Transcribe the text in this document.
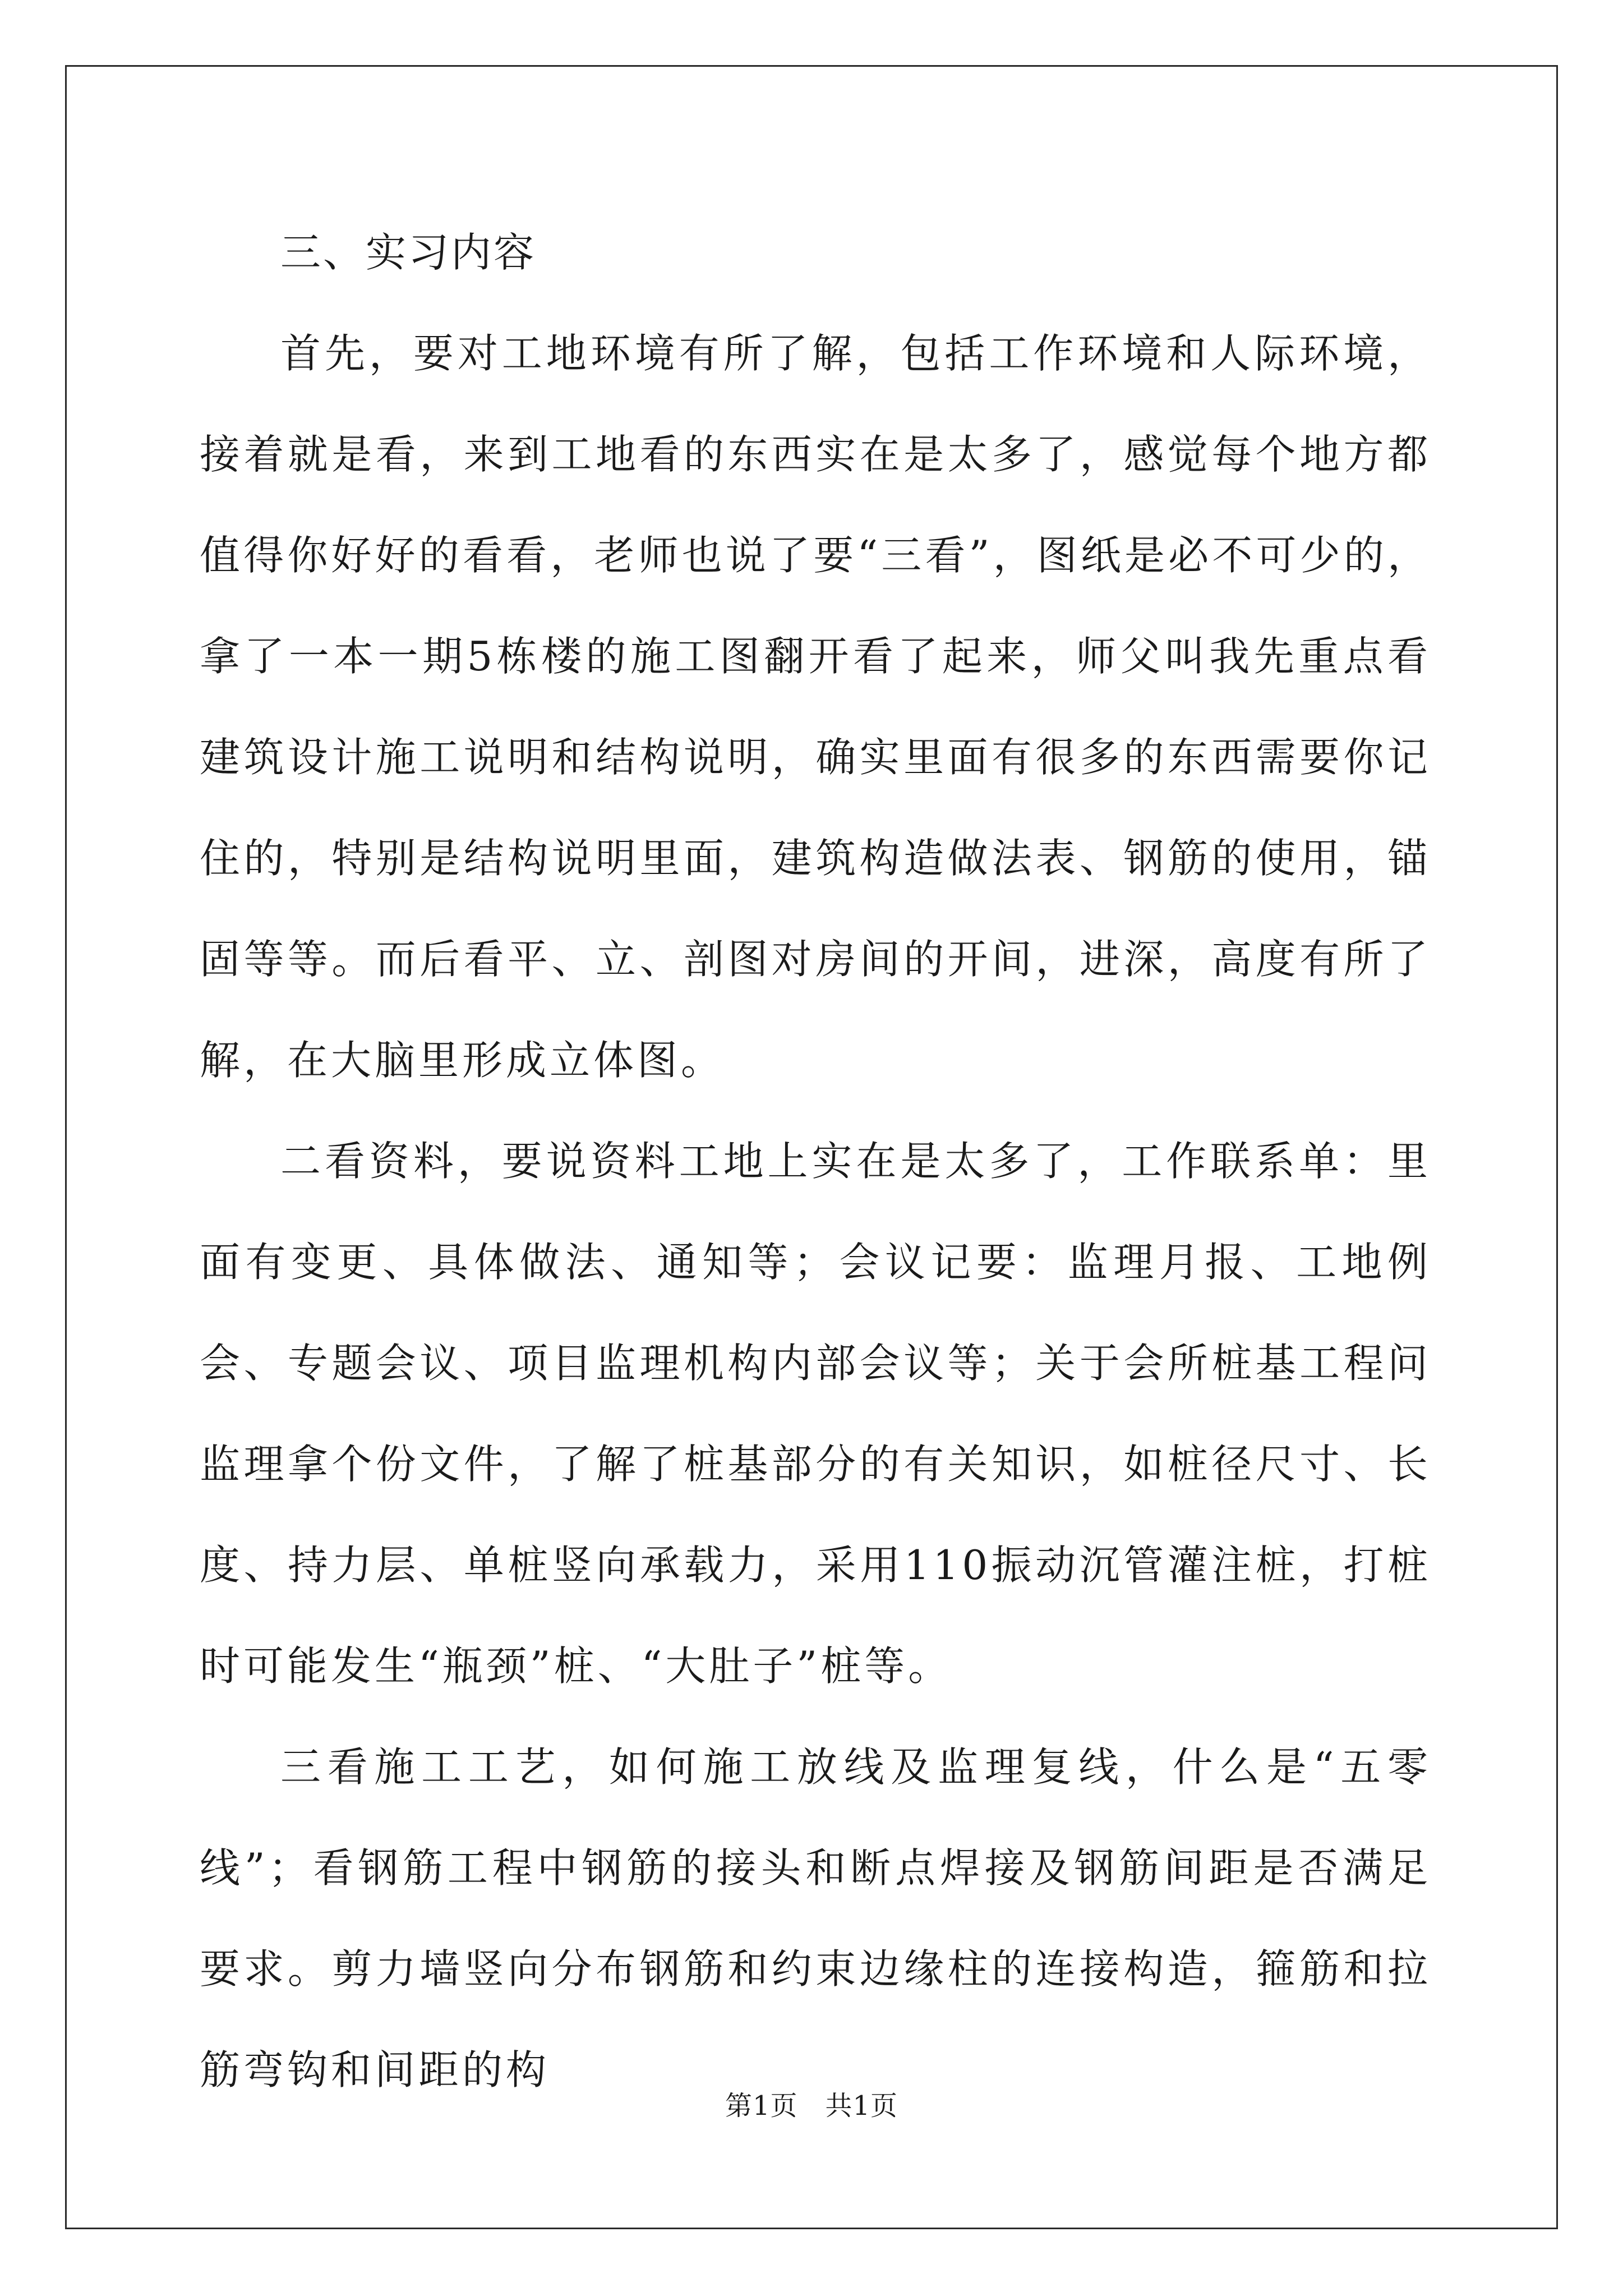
三、实习内容

首先，要对工地环境有所了解，包括工作环境和人际环境，接着就是看，来到工地看的东西实在是太多了，感觉每个地方都值得你好好的看看，老师也说了要“三看”，图纸是必不可少的，拿了一本一期5栋楼的施工图翻开看了起来，师父叫我先重点看建筑设计施工说明和结构说明，确实里面有很多的东西需要你记住的，特别是结构说明里面，建筑构造做法表、钢筋的使用，锚固等等。而后看平、立、剖图对房间的开间，进深，高度有所了解，在大脑里形成立体图。

二看资料，要说资料工地上实在是太多了，工作联系单：里面有变更、具体做法、通知等；会议记要：监理月报、工地例会、专题会议、项目监理机构内部会议等；关于会所桩基工程问监理拿个份文件，了解了桩基部分的有关知识，如桩径尺寸、长度、持力层、单桩竖向承载力，采用110振动沉管灌注桩，打桩时可能发生“瓶颈”桩、“大肚子”桩等。

三看施工工艺，如何施工放线及监理复线，什么是“五零线”；看钢筋工程中钢筋的接头和断点焊接及钢筋间距是否满足要求。剪力墙竖向分布钢筋和约束边缘柱的连接构造，箍筋和拉筋弯钩和间距的构

第1页　共1页
